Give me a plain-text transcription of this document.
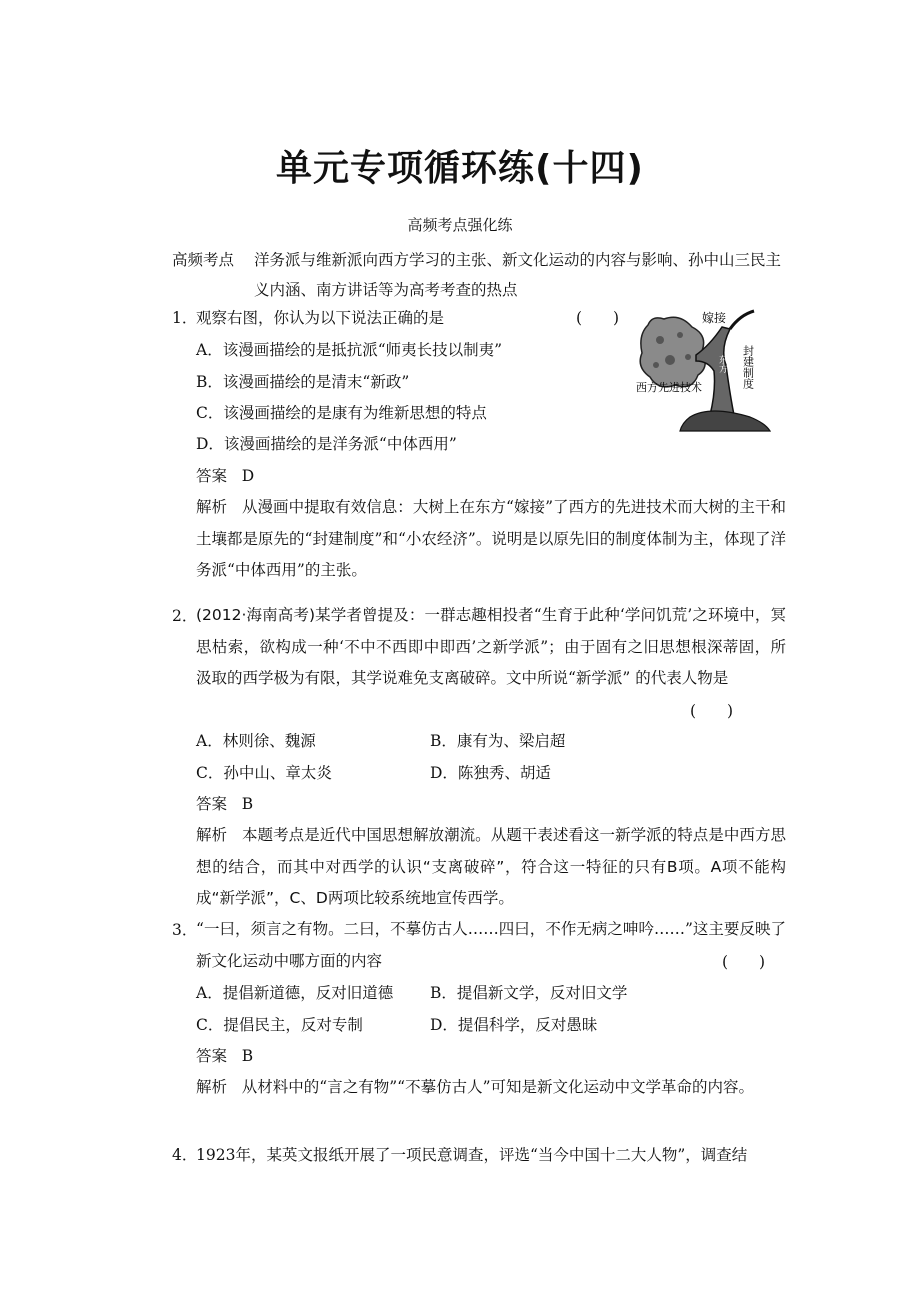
单元专项循环练(十四)
高频考点强化练
高频考点 洋务派与维新派向西方学习的主张、新文化运动的内容与影响、孙中山三民主义内涵、南方讲话等为高考考查的热点
1．
观察右图，你认为以下说法正确的是	(　　)
A．该漫画描绘的是抵抗派“师夷长技以制夷”
B．该漫画描绘的是清末“新政”
C．该漫画描绘的是康有为维新思想的特点
D．该漫画描绘的是洋务派“中体西用”
答案 D
解析 从漫画中提取有效信息：大树上在东方“嫁接”了西方的先进技术而大树的主干和土壤都是原先的“封建制度”和“小农经济”。说明是以原先旧的制度体制为主，体现了洋务派“中体西用”的主张。
嫁接
西方先进技术	封建制度
东方
2．
(2012·海南高考)某学者曾提及：一群志趣相投者“生育于此种‘学问饥荒’之环境中，冥思枯索，欲构成一种‘不中不西即中即西’之新学派”；由于固有之旧思想根深蒂固，所汲取的西学极为有限，其学说难免支离破碎。文中所说“新学派” 的代表人物是
(　　)
A．林则徐、魏源	B．康有为、梁启超
C．孙中山、章太炎	D．陈独秀、胡适
答案 B
解析 本题考点是近代中国思想解放潮流。从题干表述看这一新学派的特点是中西方思想的结合，而其中对西学的认识“支离破碎”，符合这一特征的只有B项。A项不能构成“新学派”，C、D两项比较系统地宣传西学。
3．
“一曰，须言之有物。二曰，不摹仿古人……四曰，不作无病之呻吟……”这主要反映了新文化运动中哪方面的内容	(　　)
A．提倡新道德，反对旧道德 B．提倡新文学，反对旧文学
C．提倡民主，反对专制	D．提倡科学，反对愚昧
答案 B
解析 从材料中的“言之有物”“不摹仿古人”可知是新文化运动中文学革命的内容。
4．
1923年，某英文报纸开展了一项民意调查，评选“当今中国十二大人物”，调查结
